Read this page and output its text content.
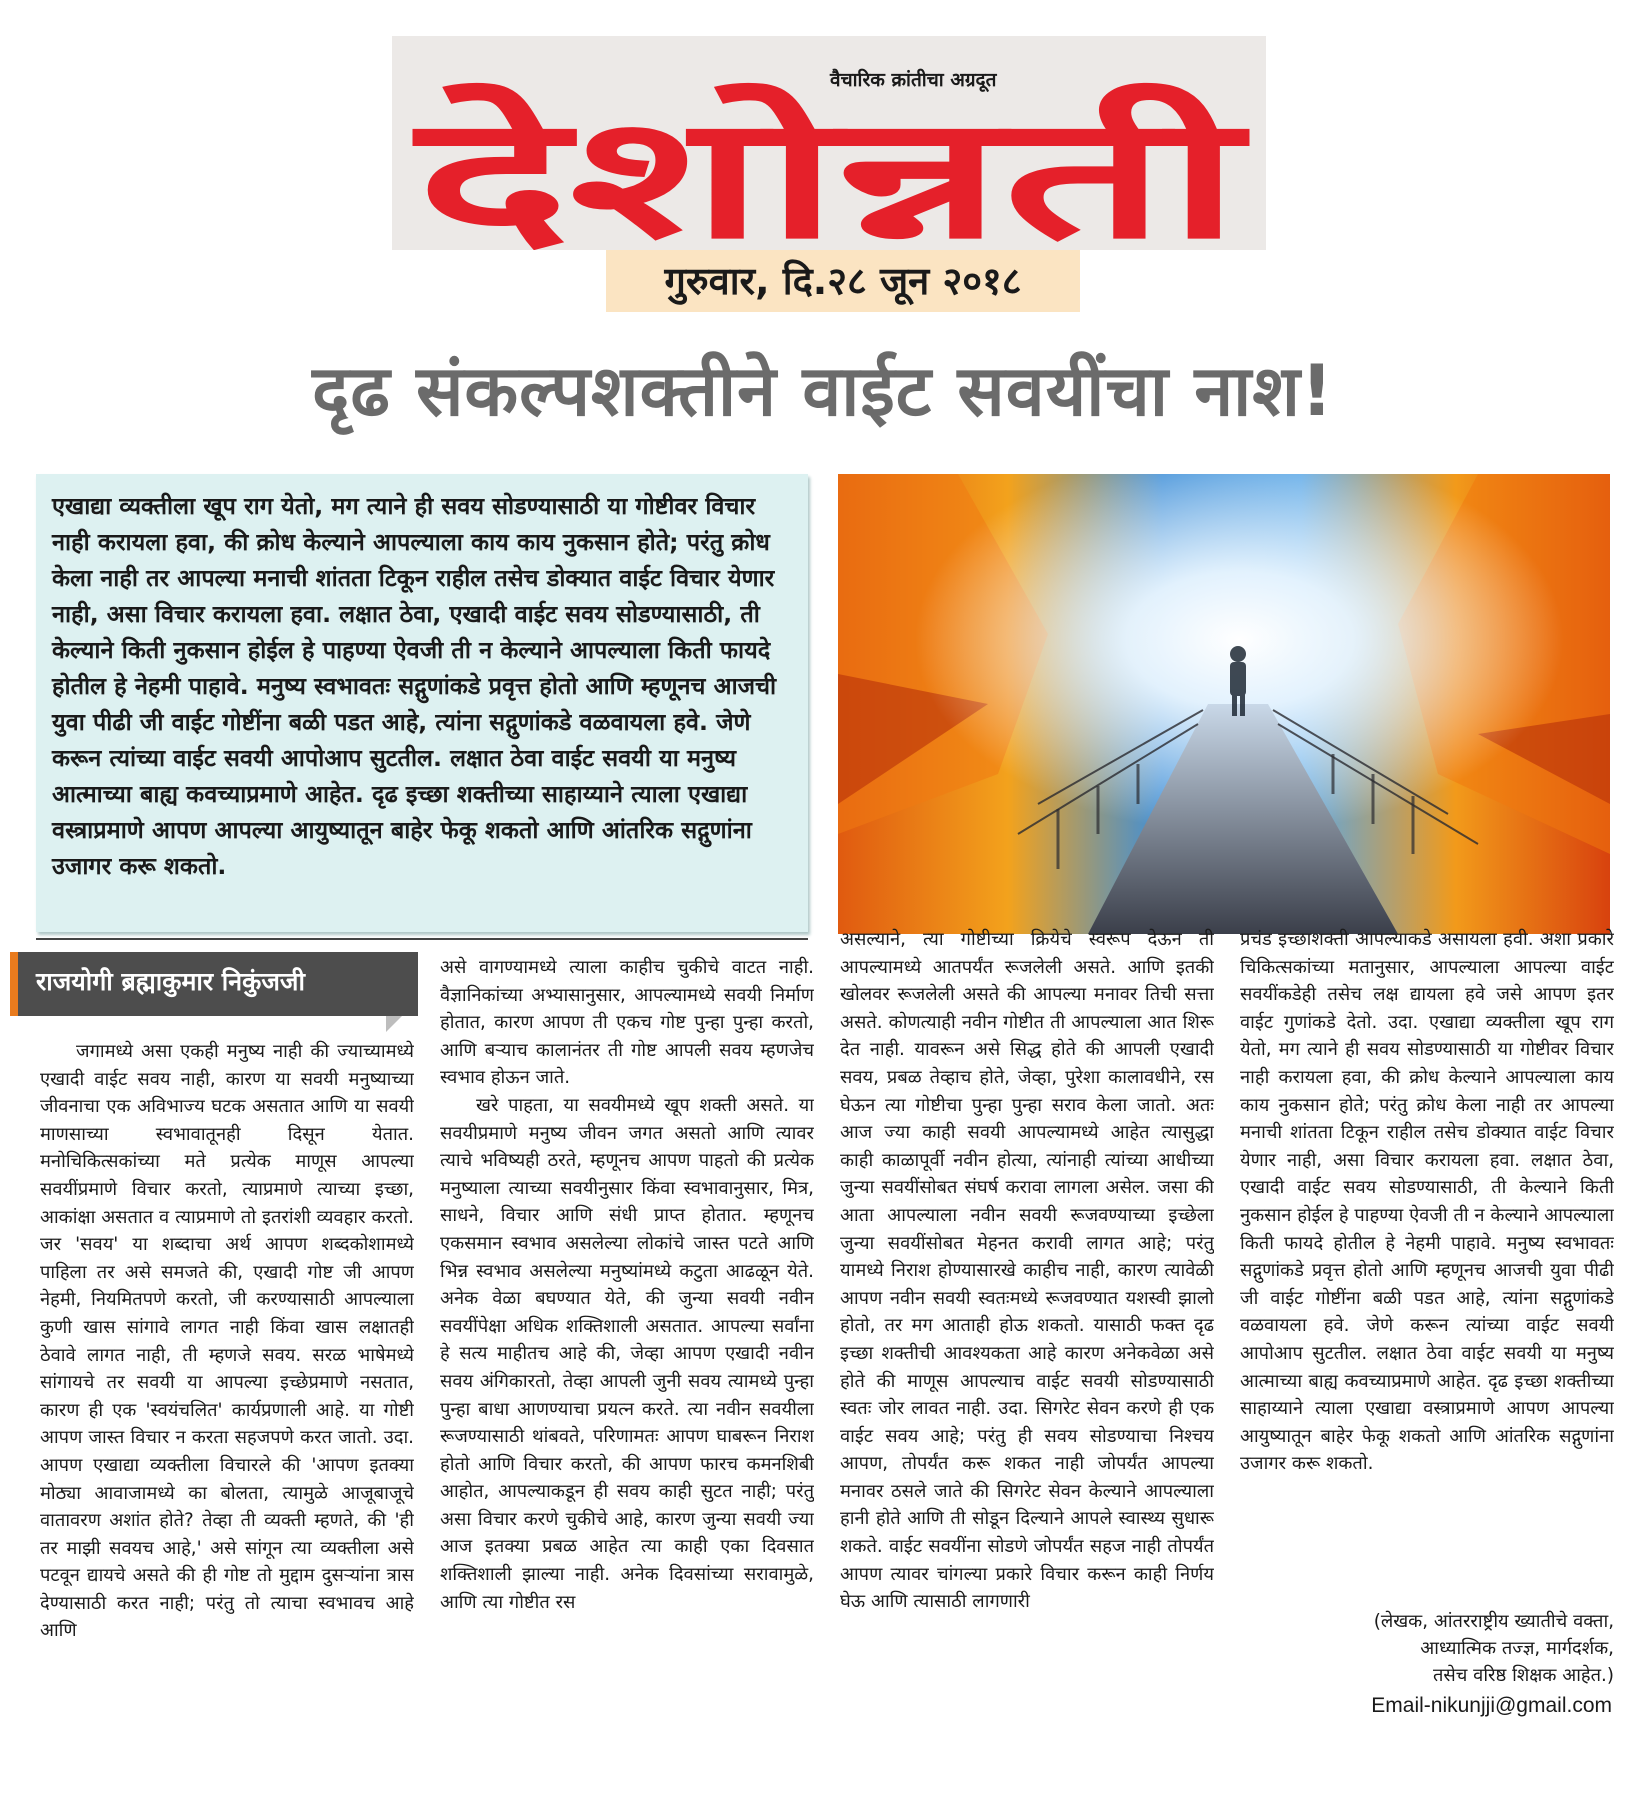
देशोन्नती
वैचारिक क्रांतीचा अग्रदूत
गुरुवार, दि.२८ जून २०१८
दृढ संकल्पशक्तीने वाईट सवयींचा नाश!

एखाद्या व्यक्तीला खूप राग येतो, मग त्याने ही सवय सोडण्यासाठी या गोष्टीवर विचार नाही करायला हवा, की क्रोध केल्याने आपल्याला काय काय नुकसान होते; परंतु क्रोध केला नाही तर आपल्या मनाची शांतता टिकून राहील तसेच डोक्यात वाईट विचार येणार नाही, असा विचार करायला हवा. लक्षात ठेवा, एखादी वाईट सवय सोडण्यासाठी, ती केल्याने किती नुकसान होईल हे पाहण्या ऐवजी ती न केल्याने आपल्याला किती फायदे होतील हे नेहमी पाहावे. मनुष्य स्वभावतः सद्गुणांकडे प्रवृत्त होतो आणि म्हणूनच आजची युवा पीढी जी वाईट गोष्टींना बळी पडत आहे, त्यांना सद्गुणांकडे वळवायला हवे. जेणे करून त्यांच्या वाईट सवयी आपोआप सुटतील. लक्षात ठेवा वाईट सवयी या मनुष्य आत्माच्या बाह्य कवच्याप्रमाणे आहेत. दृढ इच्छा शक्तीच्या साहाय्याने त्याला एखाद्या वस्त्राप्रमाणे आपण आपल्या आयुष्यातून बाहेर फेकू शकतो आणि आंतरिक सद्गुणांना उजागर करू शकतो.

राजयोगी ब्रह्माकुमार निकुंजजी

जगामध्ये असा एकही मनुष्य नाही की ज्याच्यामध्ये एखादी वाईट सवय नाही, कारण या सवयी मनुष्याच्या जीवनाचा एक अविभाज्य घटक असतात आणि या सवयी माणसाच्या स्वभावातूनही दिसून येतात. मनोचिकित्सकांच्या मते प्रत्येक माणूस आपल्या सवयींप्रमाणे विचार करतो, त्याप्रमाणे त्याच्या इच्छा, आकांक्षा असतात व त्याप्रमाणे तो इतरांशी व्यवहार करतो. जर 'सवय' या शब्दाचा अर्थ आपण शब्दकोशामध्ये पाहिला तर असे समजते की, एखादी गोष्ट जी आपण नेहमी, नियमितपणे करतो, जी करण्यासाठी आपल्याला कुणी खास सांगावे लागत नाही किंवा खास लक्षातही ठेवावे लागत नाही, ती म्हणजे सवय. सरळ भाषेमध्ये सांगायचे तर सवयी या आपल्या इच्छेप्रमाणे नसतात, कारण ही एक 'स्वयंचलित' कार्यप्रणाली आहे. या गोष्टी आपण जास्त विचार न करता सहजपणे करत जातो. उदा. आपण एखाद्या व्यक्तीला विचारले की 'आपण इतक्या मोठ्या आवाजामध्ये का बोलता, त्यामुळे आजूबाजूचे वातावरण अशांत होते? तेव्हा ती व्यक्ती म्हणते, की 'ही तर माझी सवयच आहे,' असे सांगून त्या व्यक्तीला असे पटवून द्यायचे असते की ही गोष्ट तो मुद्दाम दुसऱ्यांना त्रास देण्यासाठी करत नाही; परंतु तो त्याचा स्वभावच आहे आणि

असे वागण्यामध्ये त्याला काहीच चुकीचे वाटत नाही. वैज्ञानिकांच्या अभ्यासानुसार, आपल्यामध्ये सवयी निर्माण होतात, कारण आपण ती एकच गोष्ट पुन्हा पुन्हा करतो, आणि बऱ्याच कालानंतर ती गोष्ट आपली सवय म्हणजेच स्वभाव होऊन जाते.

खरे पाहता, या सवयीमध्ये खूप शक्ती असते. या सवयीप्रमाणे मनुष्य जीवन जगत असतो आणि त्यावर त्याचे भविष्यही ठरते, म्हणूनच आपण पाहतो की प्रत्येक मनुष्याला त्याच्या सवयीनुसार किंवा स्वभावानुसार, मित्र, साधने, विचार आणि संधी प्राप्त होतात. म्हणूनच एकसमान स्वभाव असलेल्या लोकांचे जास्त पटते आणि भिन्न स्वभाव असलेल्या मनुष्यांमध्ये कटुता आढळून येते. अनेक वेळा बघण्यात येते, की जुन्या सवयी नवीन सवयींपेक्षा अधिक शक्तिशाली असतात. आपल्या सर्वांना हे सत्य माहीतच आहे की, जेव्हा आपण एखादी नवीन सवय अंगिकारतो, तेव्हा आपली जुनी सवय त्यामध्ये पुन्हा पुन्हा बाधा आणण्याचा प्रयत्न करते. त्या नवीन सवयीला रूजण्यासाठी थांबवते, परिणामतः आपण घाबरून निराश होतो आणि विचार करतो, की आपण फारच कमनशिबी आहोत, आपल्याकडून ही सवय काही सुटत नाही; परंतु असा विचार करणे चुकीचे आहे, कारण जुन्या सवयी ज्या आज इतक्या प्रबळ आहेत त्या काही एका दिवसात शक्तिशाली झाल्या नाही. अनेक दिवसांच्या सरावामुळे, आणि त्या गोष्टीत रस

असल्याने, त्या गोष्टीच्या क्रियेचे स्वरूप देऊन ती आपल्यामध्ये आतपर्यंत रूजलेली असते. आणि इतकी खोलवर रूजलेली असते की आपल्या मनावर तिची सत्ता असते. कोणत्याही नवीन गोष्टीत ती आपल्याला आत शिरू देत नाही. यावरून असे सिद्ध होते की आपली एखादी सवय, प्रबळ तेव्हाच होते, जेव्हा, पुरेशा कालावधीने, रस घेऊन त्या गोष्टीचा पुन्हा पुन्हा सराव केला जातो. अतः आज ज्या काही सवयी आपल्यामध्ये आहेत त्यासुद्धा काही काळापूर्वी नवीन होत्या, त्यांनाही त्यांच्या आधीच्या जुन्या सवयींसोबत संघर्ष करावा लागला असेल. जसा की आता आपल्याला नवीन सवयी रूजवण्याच्या इच्छेला जुन्या सवयींसोबत मेहनत करावी लागत आहे; परंतु यामध्ये निराश होण्यासारखे काहीच नाही, कारण त्यावेळी आपण नवीन सवयी स्वतःमध्ये रूजवण्यात यशस्वी झालो होतो, तर मग आताही होऊ शकतो. यासाठी फक्त दृढ इच्छा शक्तीची आवश्यकता आहे कारण अनेकवेळा असे होते की माणूस आपल्याच वाईट सवयी सोडण्यासाठी स्वतः जोर लावत नाही. उदा. सिगरेट सेवन करणे ही एक वाईट सवय आहे; परंतु ही सवय सोडण्याचा निश्चय आपण, तोपर्यंत करू शकत नाही जोपर्यंत आपल्या मनावर ठसले जाते की सिगरेट सेवन केल्याने आपल्याला हानी होते आणि ती सोडून दिल्याने आपले स्वास्थ्य सुधारू शकते. वाईट सवयींना सोडणे जोपर्यंत सहज नाही तोपर्यंत आपण त्यावर चांगल्या प्रकारे विचार करून काही निर्णय घेऊ आणि त्यासाठी लागणारी

प्रचंड इच्छाशक्ती आपल्याकडे असायला हवी. अशा प्रकारे चिकित्सकांच्या मतानुसार, आपल्याला आपल्या वाईट सवयींकडेही तसेच लक्ष द्यायला हवे जसे आपण इतर वाईट गुणांकडे देतो. उदा. एखाद्या व्यक्तीला खूप राग येतो, मग त्याने ही सवय सोडण्यासाठी या गोष्टीवर विचार नाही करायला हवा, की क्रोध केल्याने आपल्याला काय काय नुकसान होते; परंतु क्रोध केला नाही तर आपल्या मनाची शांतता टिकून राहील तसेच डोक्यात वाईट विचार येणार नाही, असा विचार करायला हवा. लक्षात ठेवा, एखादी वाईट सवय सोडण्यासाठी, ती केल्याने किती नुकसान होईल हे पाहण्या ऐवजी ती न केल्याने आपल्याला किती फायदे होतील हे नेहमी पाहावे. मनुष्य स्वभावतः सद्गुणांकडे प्रवृत्त होतो आणि म्हणूनच आजची युवा पीढी जी वाईट गोष्टींना बळी पडत आहे, त्यांना सद्गुणांकडे वळवायला हवे. जेणे करून त्यांच्या वाईट सवयी आपोआप सुटतील. लक्षात ठेवा वाईट सवयी या मनुष्य आत्माच्या बाह्य कवच्याप्रमाणे आहेत. दृढ इच्छा शक्तीच्या साहाय्याने त्याला एखाद्या वस्त्राप्रमाणे आपण आपल्या आयुष्यातून बाहेर फेकू शकतो आणि आंतरिक सद्गुणांना उजागर करू शकतो.

(लेखक, आंतरराष्ट्रीय ख्यातीचे वक्ता,
आध्यात्मिक तज्ज्ञ, मार्गदर्शक,
तसेच वरिष्ठ शिक्षक आहेत.)
Email-nikunjji@gmail.com
